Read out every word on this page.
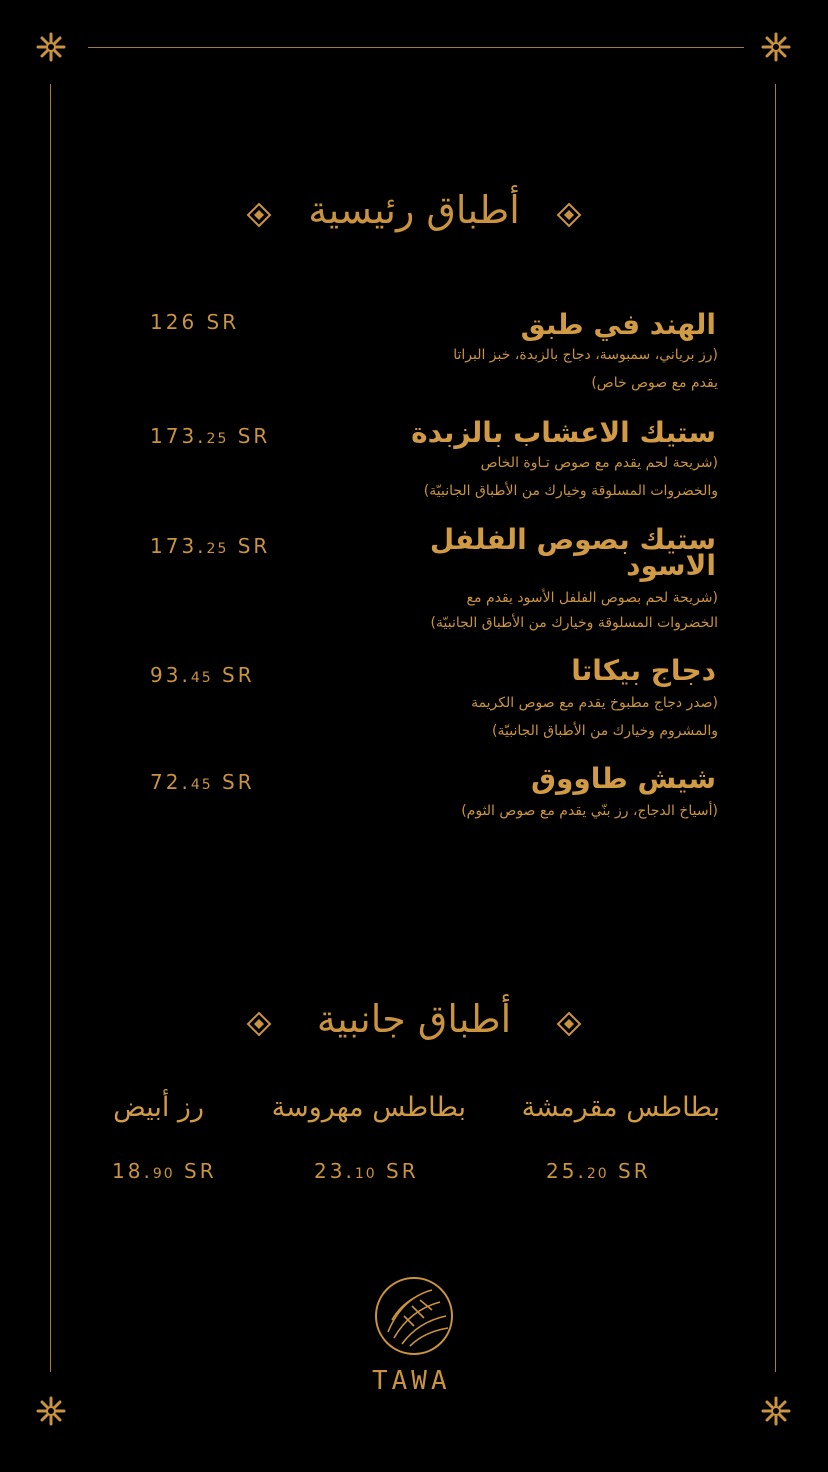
أطباق رئيسية
الهند في طبق
(رز برياني، سمبوسة، دجاج بالزبدة، خبز البراتا
يقدم مع صوص خاص)
126 SR
ستيك الاعشاب بالزبدة
(شريحة لحم يقدم مع صوص تـاوة الخاص
والخضروات المسلوقة وخيارك من الأطباق الجانبيّة)
173.25 SR
ستيك بصوص الفلفل الاسود
(شريحة لحم بصوص الفلفل الأسود يقدم مع
الخضروات المسلوقة وخيارك من الأطباق الجانبيّة)
173.25 SR
دجاج بيكاتا
(صدر دجاج مطبوخ يقدم مع صوص الكريمة
والمشروم وخيارك من الأطباق الجانبيّة)
93.45 SR
شيش طاووق
(أسياخ الدجاج، رز بنّي يقدم مع صوص الثوم)
72.45 SR
أطباق جانبية
بطاطس مقرمشة
بطاطس مهروسة
رز أبيض
25.20 SR
23.10 SR
18.90 SR
TAWA
